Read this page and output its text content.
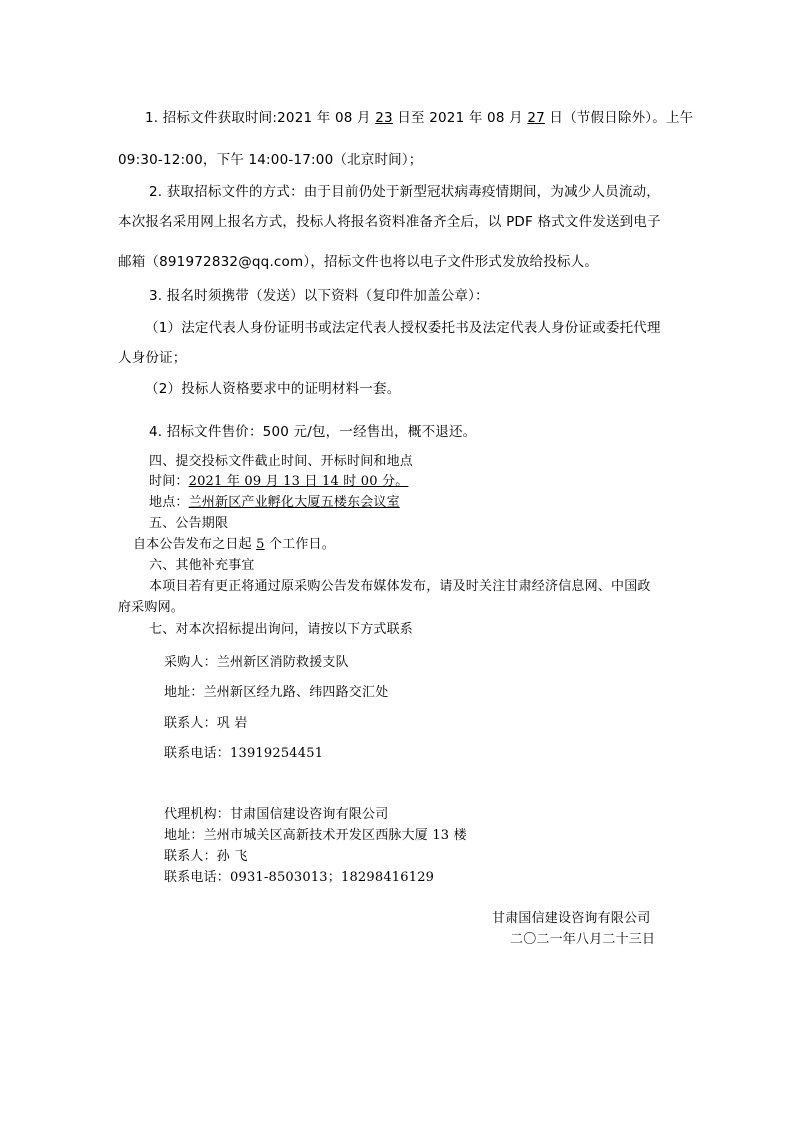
1. 招标文件获取时间:2021 年 08 月 23 日至 2021 年 08 月 27 日（节假日除外）。上午
09:30-12:00，下午 14:00-17:00（北京时间）；
2. 获取招标文件的方式：由于目前仍处于新型冠状病毒疫情期间，为减少人员流动，
本次报名采用网上报名方式，投标人将报名资料准备齐全后，以 PDF 格式文件发送到电子
邮箱（891972832@qq.com），招标文件也将以电子文件形式发放给投标人。
3. 报名时须携带（发送）以下资料（复印件加盖公章）：
（1）法定代表人身份证明书或法定代表人授权委托书及法定代表人身份证或委托代理
人身份证；
（2）投标人资格要求中的证明材料一套。
4. 招标文件售价：500 元/包，一经售出，概不退还。
四、提交投标文件截止时间、开标时间和地点
时间：2021 年 09 月 13 日 14 时 00 分。
地点：兰州新区产业孵化大厦五楼东会议室
五、公告期限
自本公告发布之日起 5 个工作日。
六、其他补充事宜
本项目若有更正将通过原采购公告发布媒体发布，请及时关注甘肃经济信息网、中国政
府采购网。
七、对本次招标提出询问，请按以下方式联系
采购人：兰州新区消防救援支队
地址：兰州新区经九路、纬四路交汇处
联系人：巩 岩
联系电话：13919254451
代理机构：甘肃国信建设咨询有限公司
地址：兰州市城关区高新技术开发区西脉大厦 13 楼
联系人：孙 飞
联系电话：0931-8503013；18298416129
甘肃国信建设咨询有限公司
二〇二一年八月二十三日
